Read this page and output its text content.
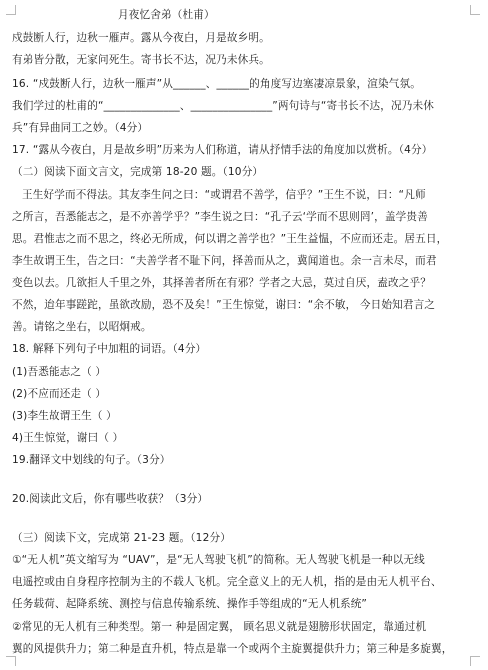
月夜忆舍弟（杜甫）
戍鼓断人行，边秋一雁声。露从今夜白，月是故乡明。
有弟皆分散，无家问死生。寄书长不达，况乃未休兵。
16. “戍鼓断人行，边秋一雁声”从______、______的角度写边塞凄凉景象，渲染气氛。
我们学过的杜甫的“______________、_______________”两句诗与“寄书长不达，况乃未休
兵”有异曲同工之妙。（4分）
17. “露从今夜白，月是故乡明”历来为人们称道，请从抒情手法的角度加以赏析。（4分）
（二）阅读下面文言文，完成第 18-20 题。（10分）
王生好学而不得法。其友李生问之曰：“或谓君不善学，信乎？”王生不说，曰：“凡师
之所言，吾悉能志之，是不亦善学乎？”李生说之曰：“孔子云‘学而不思则罔’，盖学贵善
思。君惟志之而不思之，终必无所成，何以谓之善学也？”王生益愠，不应而还走。居五日，
李生故谓王生，告之曰：“夫善学者不耻下问，择善而从之，冀闻道也。余一言未尽，而君
变色以去。几欲拒人千里之外，其择善者所在有邪？学者之大忌，莫过自厌，盍改之乎？
不然，迨年事蹉跎，虽欲改励，恐不及矣！”王生惊觉，谢曰：“余不敏， 今日始知君言之
善。请铭之坐右，以昭炯戒。
18. 解释下列句子中加粗的词语。（4分）
(1)吾悉能志之（ ）
(2)不应而还走（ ）
(3)李生故谓王生（ ）
4)王生惊觉，谢曰（ ）
19.翻译文中划线的句子。（3分）
20.阅读此文后，你有哪些收获？（3分）
（三）阅读下文，完成第 21-23 题。（12分）
①“无人机”英文缩写为 “UAV”，是“无人驾驶飞机”的简称。无人驾驶飞机是一种以无线
电遥控或由自身程序控制为主的不载人飞机。完全意义上的无人机，指的是由无人机平台、
任务载荷、起降系统、测控与信息传输系统、操作手等组成的“无人机系统”
②常见的无人机有三种类型。第一 种是固定翼， 顾名思义就是翅膀形状固定，靠通过机
翼的风提供升力；第二种是直升机，特点是靠一个或两个主旋翼提供升力；第三种是多旋翼，
